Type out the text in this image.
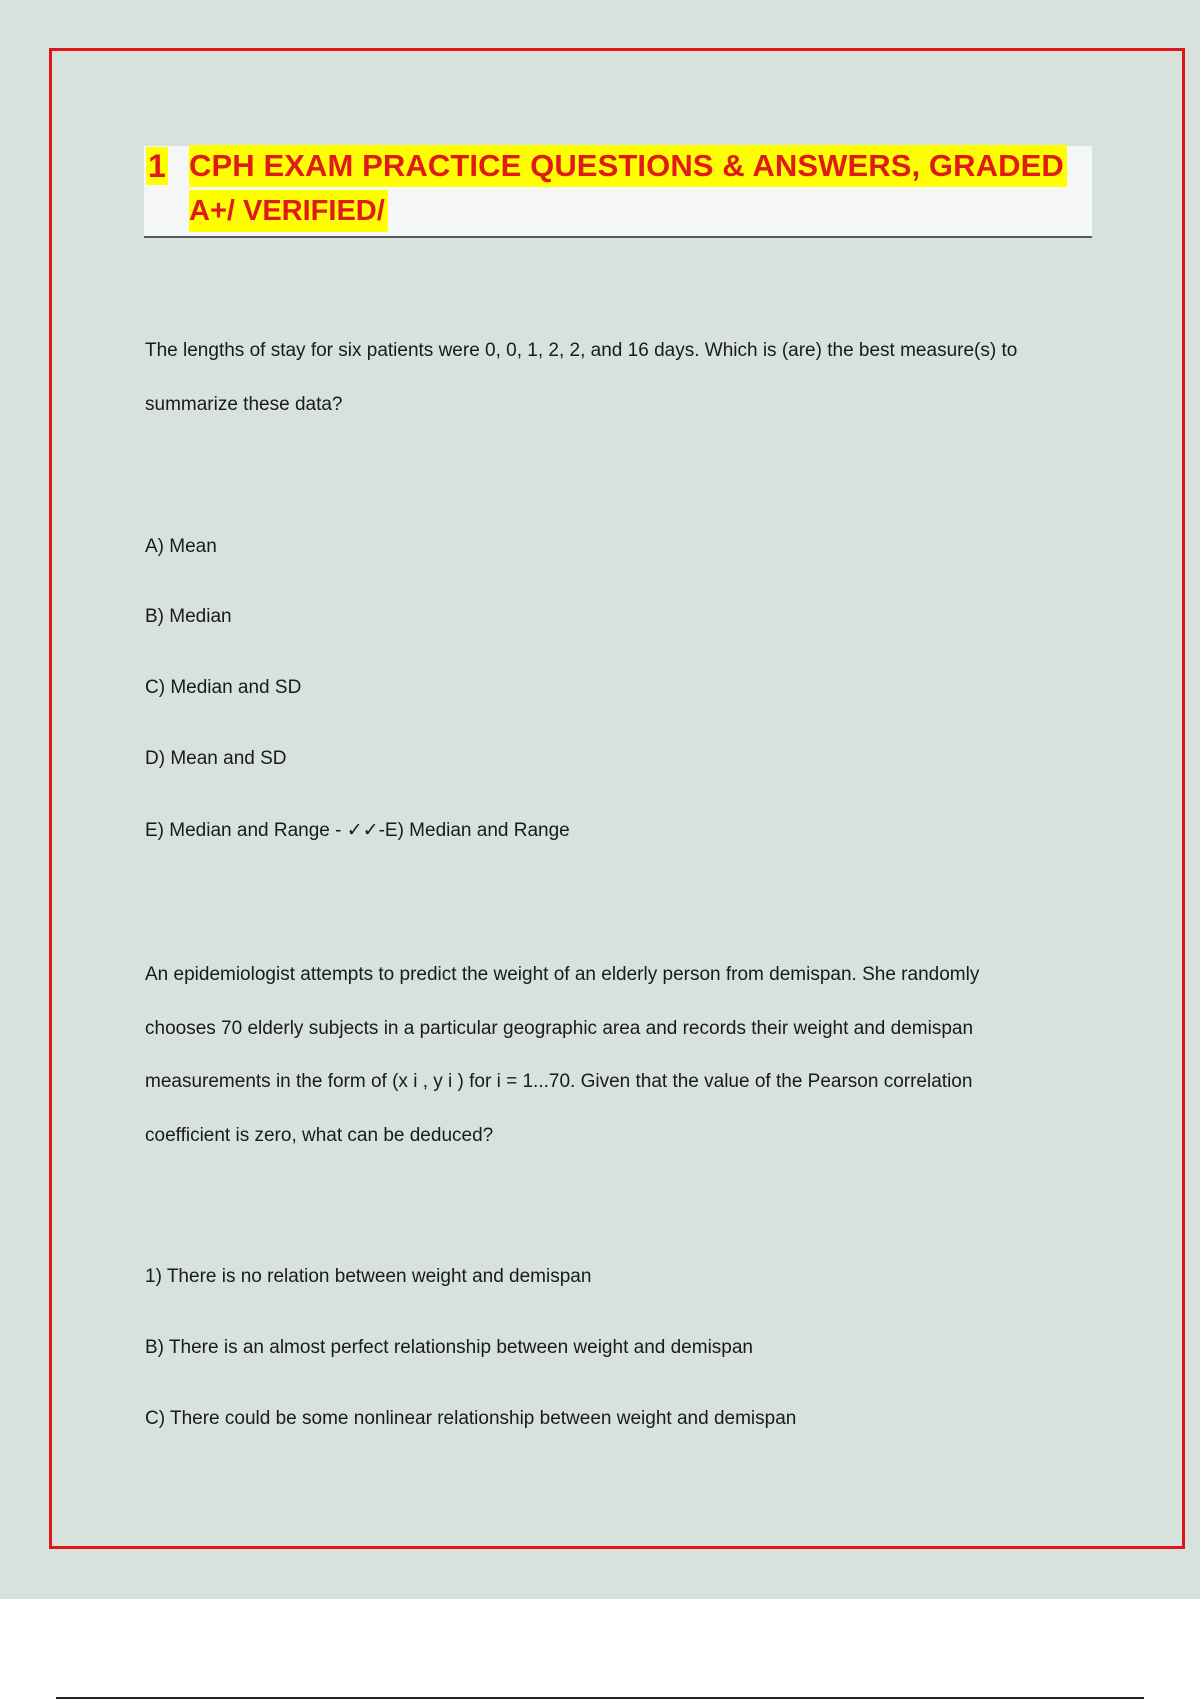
1 CPH EXAM PRACTICE QUESTIONS & ANSWERS, GRADED
A+/ VERIFIED/
The lengths of stay for six patients were 0, 0, 1, 2, 2, and 16 days. Which is (are) the best measure(s) to
summarize these data?
A) Mean
B) Median
C) Median and SD
D) Mean and SD
E) Median and Range - ✓✓-E) Median and Range
An epidemiologist attempts to predict the weight of an elderly person from demispan. She randomly
chooses 70 elderly subjects in a particular geographic area and records their weight and demispan
measurements in the form of (x i , y i ) for i = 1...70. Given that the value of the Pearson correlation
coefficient is zero, what can be deduced?
1) There is no relation between weight and demispan
B) There is an almost perfect relationship between weight and demispan
C) There could be some nonlinear relationship between weight and demispan
